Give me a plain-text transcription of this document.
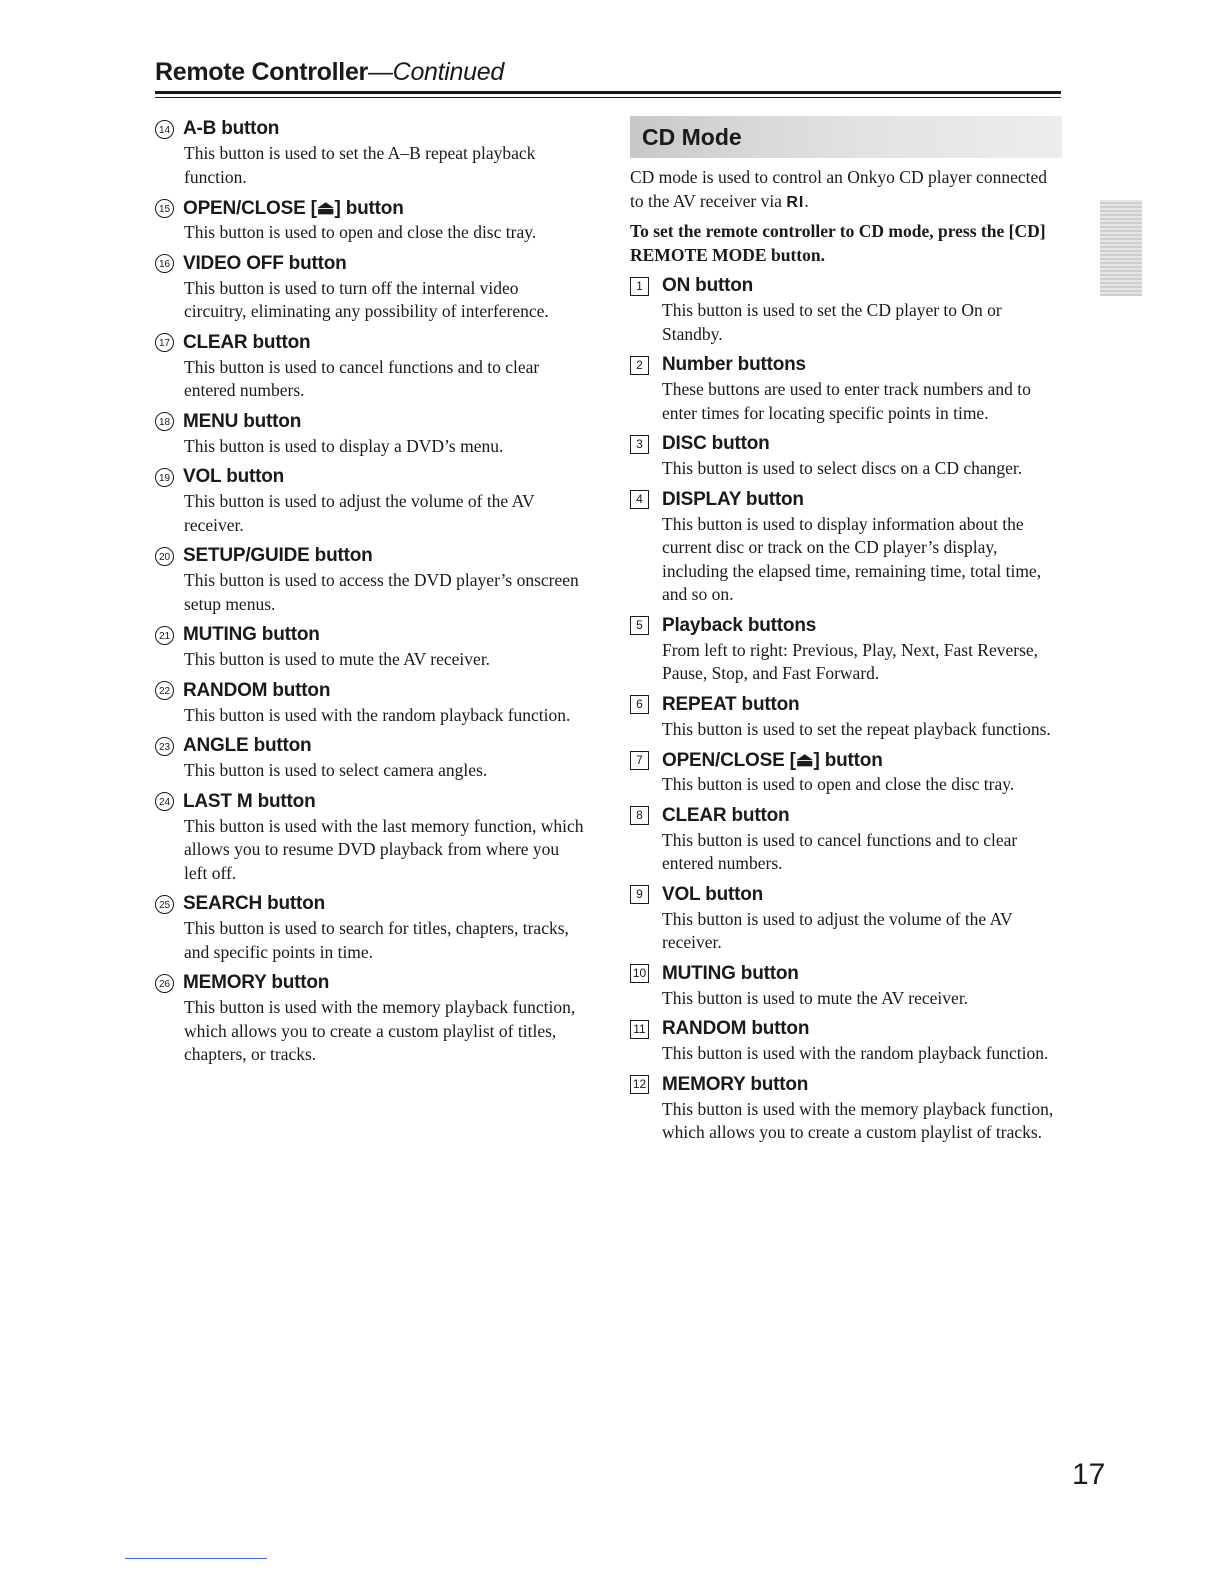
Remote Controller—Continued
14 A-B button
This button is used to set the A–B repeat playback function.
15 OPEN/CLOSE [⏏] button
This button is used to open and close the disc tray.
16 VIDEO OFF button
This button is used to turn off the internal video circuitry, eliminating any possibility of interference.
17 CLEAR button
This button is used to cancel functions and to clear entered numbers.
18 MENU button
This button is used to display a DVD’s menu.
19 VOL button
This button is used to adjust the volume of the AV receiver.
20 SETUP/GUIDE button
This button is used to access the DVD player’s onscreen setup menus.
21 MUTING button
This button is used to mute the AV receiver.
22 RANDOM button
This button is used with the random playback function.
23 ANGLE button
This button is used to select camera angles.
24 LAST M button
This button is used with the last memory function, which allows you to resume DVD playback from where you left off.
25 SEARCH button
This button is used to search for titles, chapters, tracks, and specific points in time.
26 MEMORY button
This button is used with the memory playback function, which allows you to create a custom playlist of titles, chapters, or tracks.
CD Mode
CD mode is used to control an Onkyo CD player connected to the AV receiver via RI.
To set the remote controller to CD mode, press the [CD] REMOTE MODE button.
1	ON button
This button is used to set the CD player to On or Standby.
2	Number buttons
These buttons are used to enter track numbers and to enter times for locating specific points in time.
3	DISC button
This button is used to select discs on a CD changer.
4	DISPLAY button
This button is used to display information about the current disc or track on the CD player’s display, including the elapsed time, remaining time, total time, and so on.
5	Playback buttons
From left to right: Previous, Play, Next, Fast Reverse, Pause, Stop, and Fast Forward.
6	REPEAT button
This button is used to set the repeat playback functions.
7	OPEN/CLOSE [⏏] button
This button is used to open and close the disc tray.
8	CLEAR button
This button is used to cancel functions and to clear entered numbers.
9	VOL button
This button is used to adjust the volume of the AV receiver.
10 MUTING button
This button is used to mute the AV receiver.
11 RANDOM button
This button is used with the random playback function.
12 MEMORY button
This button is used with the memory playback function, which allows you to create a custom playlist of tracks.
17
